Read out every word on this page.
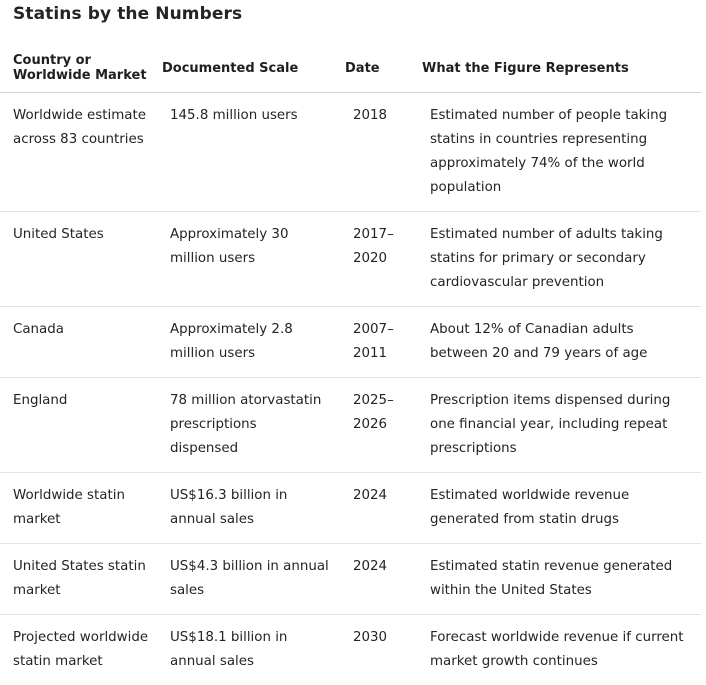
Statins by the Numbers
Country or Worldwide Market	Documented Scale	Date	What the Figure Represents
Worldwide estimate across 83 countries	145.8 million users	2018	Estimated number of people taking statins in countries representing approximately 74% of the world population
United States	Approximately 30 million users	2017–2020	Estimated number of adults taking statins for primary or secondary cardiovascular prevention
Canada	Approximately 2.8 million users	2007–2011	About 12% of Canadian adults between 20 and 79 years of age
England	78 million atorvastatin prescriptions dispensed	2025–2026	Prescription items dispensed during one financial year, including repeat prescriptions
Worldwide statin market	US$16.3 billion in annual sales	2024	Estimated worldwide revenue generated from statin drugs
United States statin market	US$4.3 billion in annual sales	2024	Estimated statin revenue generated within the United States
Projected worldwide statin market	US$18.1 billion in annual sales	2030	Forecast worldwide revenue if current market growth continues
